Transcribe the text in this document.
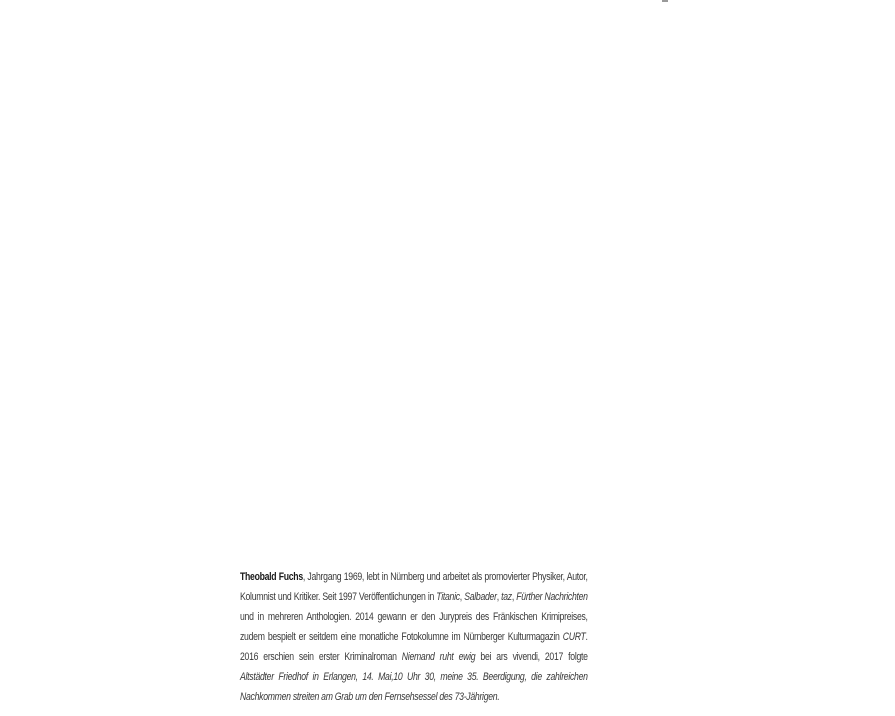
Theobald Fuchs, Jahrgang 1969, lebt in Nürnberg und arbeitet als promovierter Physiker, Autor, Kolumnist und Kritiker. Seit 1997 Veröffentlichungen in Titanic, Salbader, taz, Fürther Nachrichten und in mehreren Anthologien. 2014 gewann er den Jurypreis des Fränkischen Krimipreises, zudem bespielt er seitdem eine monatliche Fotokolumne im Nürnberger Kulturmagazin CURT. 2016 erschien sein erster Kriminalroman Niemand ruht ewig bei ars vivendi, 2017 folgte Altstädter Friedhof in Erlangen, 14. Mai,10 Uhr 30, meine 35. Beerdigung, die zahlreichen Nachkommen streiten am Grab um den Fernsehsessel des 73-Jährigen.
